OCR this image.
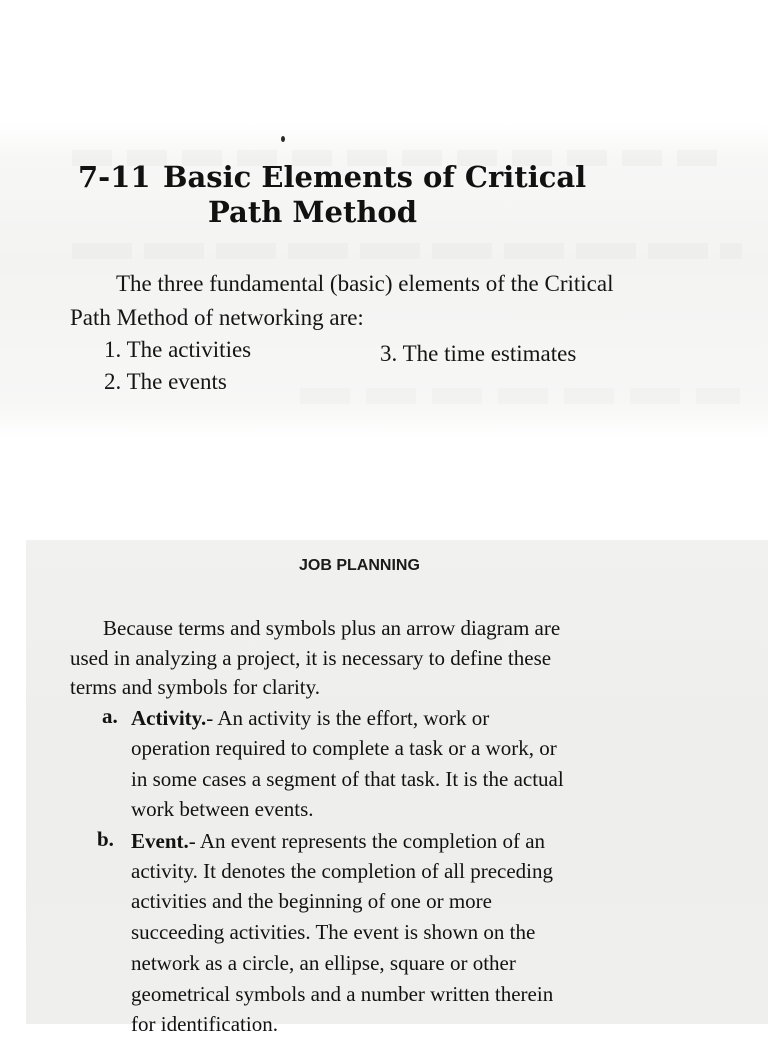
7-11 Basic Elements of Critical
Path Method
The three fundamental (basic) elements of the Critical
Path Method of networking are:
1. The activities
2. The events
3. The time estimates
JOB PLANNING
Because terms and symbols plus an arrow diagram are
used in analyzing a project, it is necessary to define these
terms and symbols for clarity.
a. Activity.- An activity is the effort, work or
operation required to complete a task or a work, or
in some cases a segment of that task. It is the actual
work between events.
b. Event.- An event represents the completion of an
activity. It denotes the completion of all preceding
activities and the beginning of one or more
succeeding activities. The event is shown on the
network as a circle, an ellipse, square or other
geometrical symbols and a number written therein
for identification.
